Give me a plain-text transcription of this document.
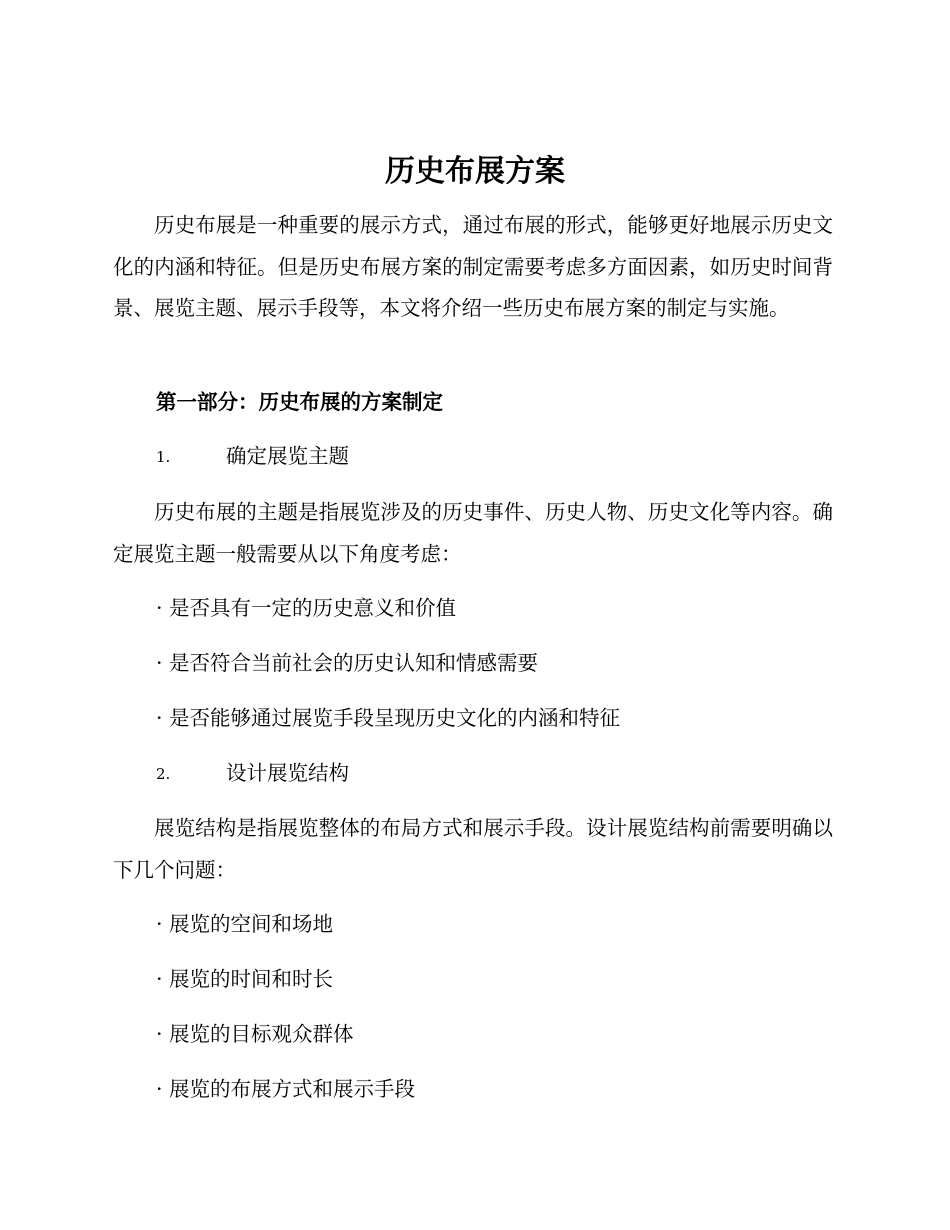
历史布展方案

历史布展是一种重要的展示方式，通过布展的形式，能够更好地展示历史文化的内涵和特征。但是历史布展方案的制定需要考虑多方面因素，如历史时间背景、展览主题、展示手段等，本文将介绍一些历史布展方案的制定与实施。

第一部分：历史布展的方案制定
1.	确定展览主题

历史布展的主题是指展览涉及的历史事件、历史人物、历史文化等内容。确定展览主题一般需要从以下角度考虑：

· 是否具有一定的历史意义和价值
· 是否符合当前社会的历史认知和情感需要
· 是否能够通过展览手段呈现历史文化的内涵和特征
2.	设计展览结构

展览结构是指展览整体的布局方式和展示手段。设计展览结构前需要明确以下几个问题：

· 展览的空间和场地
· 展览的时间和时长
· 展览的目标观众群体
· 展览的布展方式和展示手段
